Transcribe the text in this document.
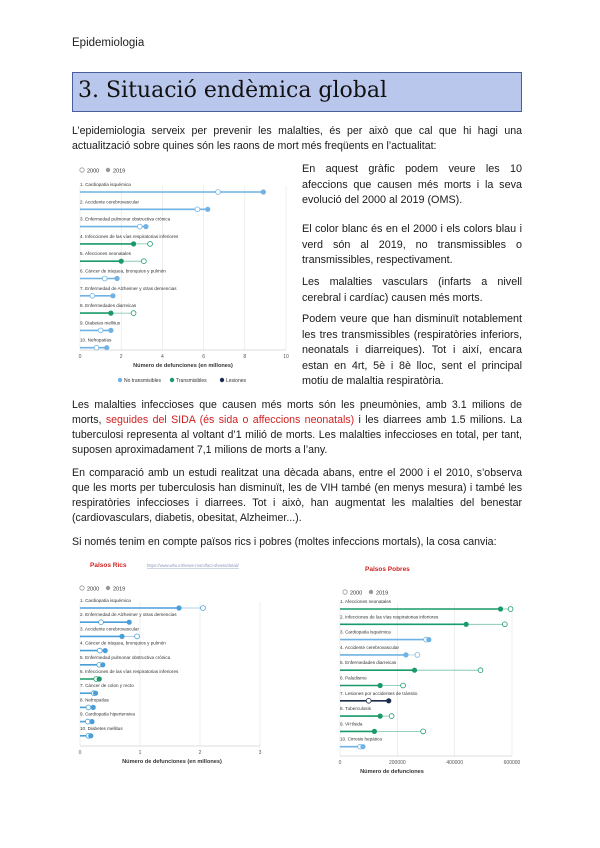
Epidemiologia
3. Situació endèmica global

L’epidemiologia serveix per prevenir les malalties, és per això que cal que hi hagi una actualització sobre quines són les raons de mort més freqüents en l’actualitat:

2000	2019
0	2	4	6	8	10
1. Cardiopatía isquémica
2. Accidente cerebrovascular
3. Enfermedad pulmonar obstructiva crónica
4. Infecciones de las vías respiratorias inferiores
5. Afecciones neonatales
6. Cáncer de tráquea, bronquios y pulmón
7. Enfermedad de Alzheimer y otras demencias
8. Enfermedades diarreicas
9. Diabetes mellitus
10. Nefropatías
Número de defunciones (en millones)
No transmisibles	Transmisibles	Lesiones

En aquest gràfic podem veure les 10 afeccions que causen més morts i la seva evolució del 2000 al 2019 (OMS).

El color blanc és en el 2000 i els colors blau i verd són al 2019, no transmissibles o transmissibles, respectivament.

Les malalties vasculars (infarts a nivell cerebral i cardíac) causen més morts.

Podem veure que han disminuït notablement les tres transmissibles (respiratòries inferiors, neonatals i diarreiques). Tot i així, encara estan en 4rt, 5è i 8è lloc, sent el principal motiu de malaltia respiratòria.

Les malalties infeccioses que causen més morts són les pneumònies, amb 3.1 milions de morts, seguides del SIDA (és sida o affeccions neonatals) i les diarrees amb 1.5 milions. La tuberculosi representa al voltant d’1 milió de morts. Les malalties infeccioses en total, per tant, suposen aproximadament 7,1 milions de morts a l’any.

En comparació amb un estudi realitzat una dècada abans, entre el 2000 i el 2010, s’observa que les morts per tuberculosis han disminuït, les de VIH també (en menys mesura) i també les respiratòries infeccioses i diarrees. Tot i això, han augmentat les malalties del benestar (cardiovasculars, diabetis, obesitat, Alzheimer...).

Si només tenim en compte països rics i pobres (moltes infeccions mortals), la cosa canvia:

Països Rics	https://www.who.int/news-room/fact-sheets/detail/
2000	2019
0	1	2	3
1. Cardiopatía isquémica
2. Enfermedad de Alzheimer y otras demencias
3. Accidente cerebrovascular
4. Cáncer de tráquea, bronquios y pulmón
5. Enfermedad pulmonar obstructiva crónica
6. Infecciones de las vías respiratorias inferiores
7. Cáncer de colon y recto
8. Nefropatías
9. Cardiopatía hipertensiva
10. Diabetes mellitus
Número de defunciones (en millones)
Països Pobres
2000	2019
0	200000	400000	600000
1. Afecciones neonatales
2. Infecciones de las vías respiratorias inferiores
3. Cardiopatía isquémica
4. Accidente cerebrovascular
5. Enfermedades diarreicas
6. Paludismo
7. Lesiones por accidentes de tránsito
8. Tuberculosis
9. VIH/sida
10. Cirrosis hepática
Número de defunciones
